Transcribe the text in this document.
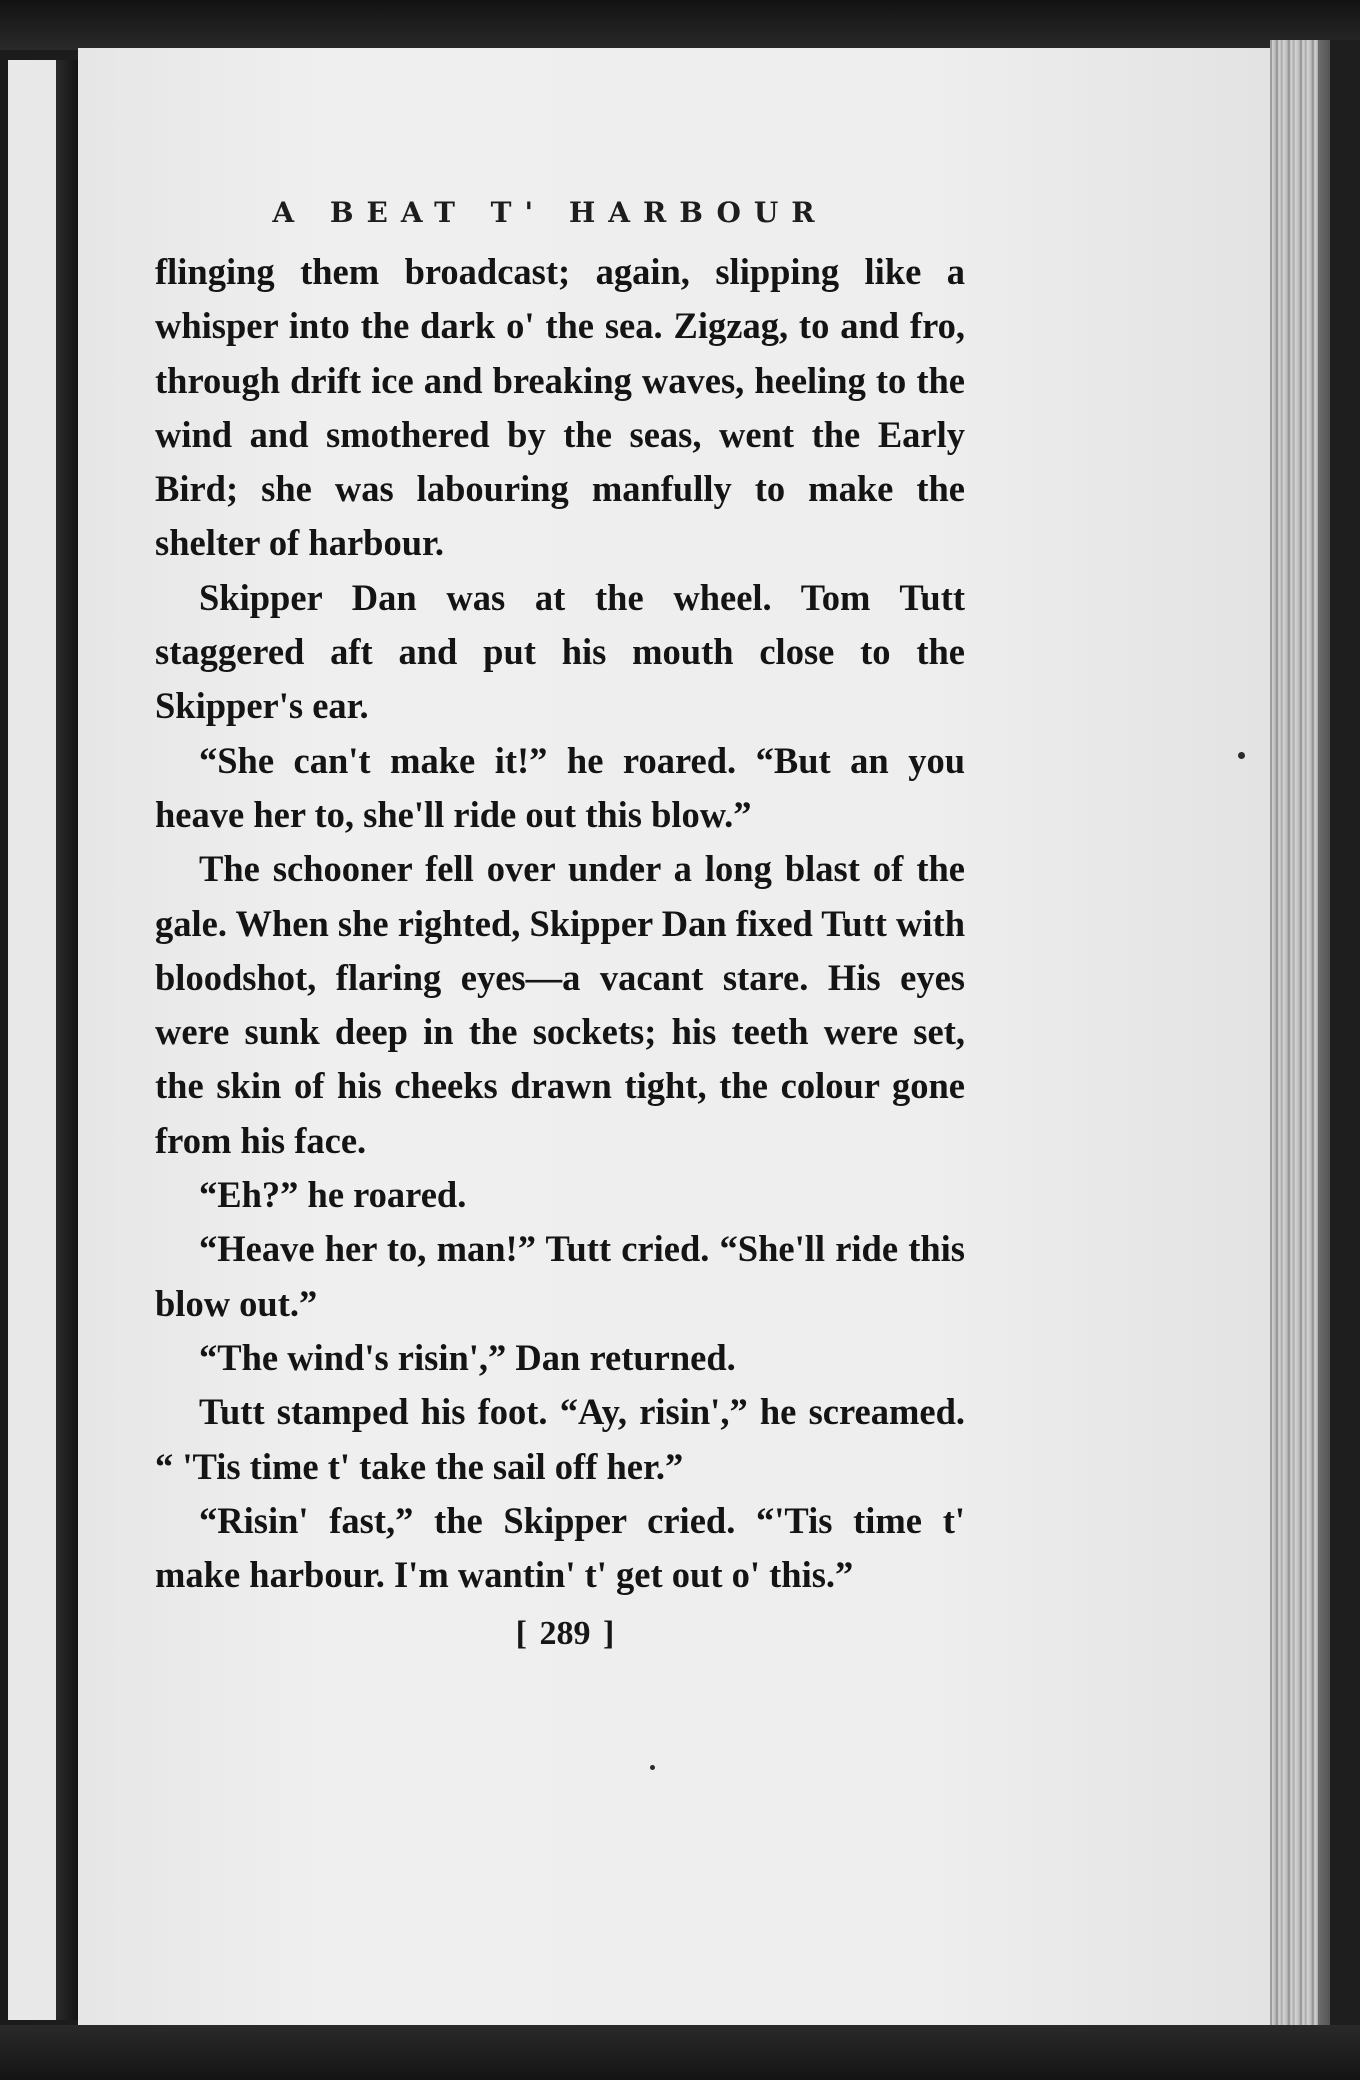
A BEAT T' HARBOUR

flinging them broadcast; again, slipping like a whisper into the dark o' the sea. Zigzag, to and fro, through drift ice and breaking waves, heeling to the wind and smothered by the seas, went the Early Bird; she was labouring manfully to make the shelter of harbour.

Skipper Dan was at the wheel. Tom Tutt staggered aft and put his mouth close to the Skipper's ear.

“She can't make it!” he roared. “But an you heave her to, she'll ride out this blow.”

The schooner fell over under a long blast of the gale. When she righted, Skipper Dan fixed Tutt with bloodshot, flaring eyes—a vacant stare. His eyes were sunk deep in the sockets; his teeth were set, the skin of his cheeks drawn tight, the colour gone from his face.

“Eh?” he roared.

“Heave her to, man!” Tutt cried. “She'll ride this blow out.”

“The wind's risin',” Dan returned.

Tutt stamped his foot. “Ay, risin',” he screamed. “ 'Tis time t' take the sail off her.”

“Risin' fast,” the Skipper cried. “'Tis time t' make harbour. I'm wantin' t' get out o' this.”

[ 289 ]
